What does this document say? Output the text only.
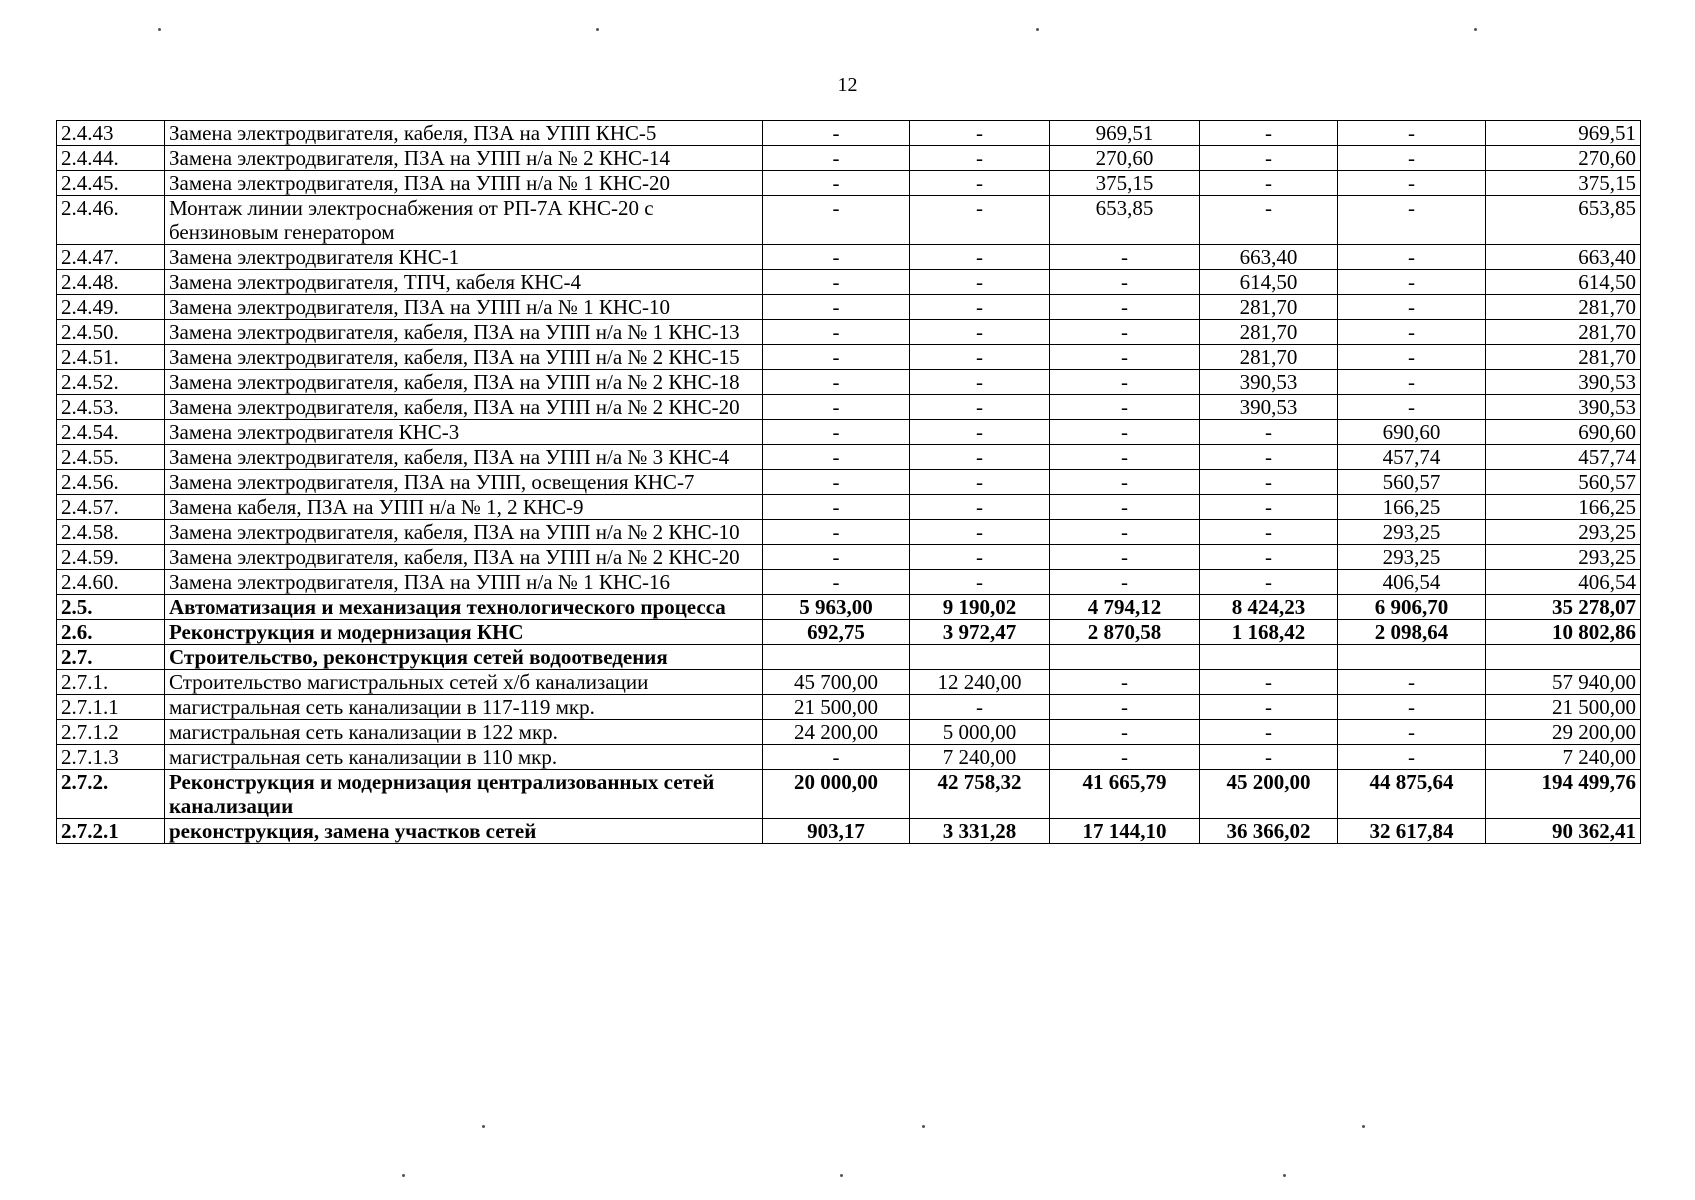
12
2.4.43	Замена электродвигателя, кабеля, ПЗА на УПП КНС-5	-	-	969,51	-	-	969,51
2.4.44.	Замена электродвигателя, ПЗА на УПП н/а № 2 КНС-14	-	-	270,60	-	-	270,60
2.4.45.	Замена электродвигателя, ПЗА на УПП н/а № 1 КНС-20	-	-	375,15	-	-	375,15
2.4.46.	Монтаж линии электроснабжения от РП-7А КНС-20 с бензиновым генератором	-	-	653,85	-	-	653,85
2.4.47.	Замена электродвигателя КНС-1	-	-	-	663,40	-	663,40
2.4.48.	Замена электродвигателя, ТПЧ, кабеля КНС-4	-	-	-	614,50	-	614,50
2.4.49.	Замена электродвигателя, ПЗА на УПП н/а № 1 КНС-10	-	-	-	281,70	-	281,70
2.4.50.	Замена электродвигателя, кабеля, ПЗА на УПП н/а № 1 КНС-13	-	-	-	281,70	-	281,70
2.4.51.	Замена электродвигателя, кабеля, ПЗА на УПП н/а № 2 КНС-15	-	-	-	281,70	-	281,70
2.4.52.	Замена электродвигателя, кабеля, ПЗА на УПП н/а № 2 КНС-18	-	-	-	390,53	-	390,53
2.4.53.	Замена электродвигателя, кабеля, ПЗА на УПП н/а № 2 КНС-20	-	-	-	390,53	-	390,53
2.4.54.	Замена электродвигателя КНС-3	-	-	-	-	690,60	690,60
2.4.55.	Замена электродвигателя, кабеля, ПЗА на УПП н/а № 3 КНС-4	-	-	-	-	457,74	457,74
2.4.56.	Замена электродвигателя, ПЗА на УПП, освещения КНС-7	-	-	-	-	560,57	560,57
2.4.57.	Замена кабеля, ПЗА на УПП н/а № 1, 2 КНС-9	-	-	-	-	166,25	166,25
2.4.58.	Замена электродвигателя, кабеля, ПЗА на УПП н/а № 2 КНС-10	-	-	-	-	293,25	293,25
2.4.59.	Замена электродвигателя, кабеля, ПЗА на УПП н/а № 2 КНС-20	-	-	-	-	293,25	293,25
2.4.60.	Замена электродвигателя, ПЗА на УПП н/а № 1 КНС-16	-	-	-	-	406,54	406,54
2.5.	Автоматизация и механизация технологического процесса	5 963,00	9 190,02	4 794,12	8 424,23	6 906,70	35 278,07
2.6.	Реконструкция и модернизация КНС	692,75	3 972,47	2 870,58	1 168,42	2 098,64	10 802,86
2.7.	Строительство, реконструкция сетей водоотведения						
2.7.1.	Строительство магистральных сетей х/б канализации	45 700,00	12 240,00	-	-	-	57 940,00
2.7.1.1	магистральная сеть канализации в 117-119 мкр.	21 500,00	-	-	-	-	21 500,00
2.7.1.2	магистральная сеть канализации в 122 мкр.	24 200,00	5 000,00	-	-	-	29 200,00
2.7.1.3	магистральная сеть канализации в 110 мкр.	-	7 240,00	-	-	-	7 240,00
2.7.2.	Реконструкция и модернизация централизованных сетей канализации	20 000,00	42 758,32	41 665,79	45 200,00	44 875,64	194 499,76
2.7.2.1	реконструкция, замена участков сетей	903,17	3 331,28	17 144,10	36 366,02	32 617,84	90 362,41
